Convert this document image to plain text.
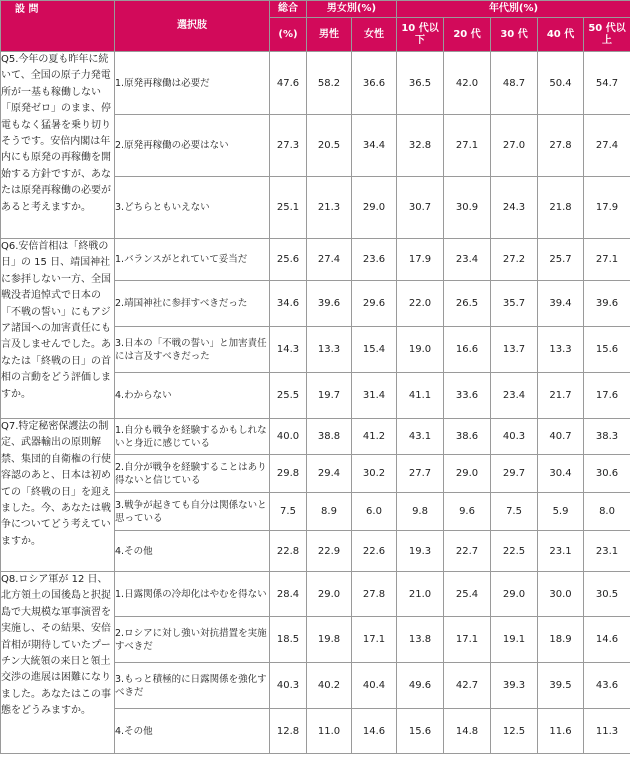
設 問	選択肢	総合	男女別(%)		年代別(%)				
		(%)	男性	女性	10 代以下	20 代	30 代	40 代	50 代以上
Q5.今年の夏も昨年に続いて、全国の原子力発電所が一基も稼働しない「原発ゼロ」のまま、停電もなく猛暑を乗り切りそうです。安倍内閣は年内にも原発の再稼働を開始する方針ですが、あなたは原発再稼働の必要があると考えますか。	1.原発再稼働は必要だ	47.6	58.2	36.6	36.5	42.0	48.7	50.4	54.7
	2.原発再稼働の必要はない	27.3	20.5	34.4	32.8	27.1	27.0	27.8	27.4
	3.どちらともいえない	25.1	21.3	29.0	30.7	30.9	24.3	21.8	17.9
Q6.安倍首相は「終戦の日」の 15 日、靖国神社に参拝しない一方、全国戦没者追悼式で日本の「不戦の誓い」にもアジア諸国への加害責任にも言及しませんでした。あなたは「終戦の日」の首相の言動をどう評価しますか。	1.バランスがとれていて妥当だ	25.6	27.4	23.6	17.9	23.4	27.2	25.7	27.1
	2.靖国神社に参拝すべきだった	34.6	39.6	29.6	22.0	26.5	35.7	39.4	39.6
	3.日本の「不戦の誓い」と加害責任には言及すべきだった	14.3	13.3	15.4	19.0	16.6	13.7	13.3	15.6
	4.わからない	25.5	19.7	31.4	41.1	33.6	23.4	21.7	17.6
Q7.特定秘密保護法の制定、武器輸出の原則解禁、集団的自衛権の行使容認のあと、日本は初めての「終戦の日」を迎えました。今、あなたは戦争についてどう考えていますか。	1.自分も戦争を経験するかもしれないと身近に感じている	40.0	38.8	41.2	43.1	38.6	40.3	40.7	38.3
	2.自分が戦争を経験することはあり得ないと信じている	29.8	29.4	30.2	27.7	29.0	29.7	30.4	30.6
	3.戦争が起きても自分は関係ないと思っている	7.5	8.9	6.0	9.8	9.6	7.5	5.9	8.0
	4.その他	22.8	22.9	22.6	19.3	22.7	22.5	23.1	23.1
Q8.ロシア軍が 12 日、北方領土の国後島と択捉島で大規模な軍事演習を実施し、その結果、安倍首相が期待していたプーチン大統領の来日と領土交渉の進展は困難になりました。あなたはこの事態をどうみますか。	1.日露関係の冷却化はやむを得ない	28.4	29.0	27.8	21.0	25.4	29.0	30.0	30.5
	2.ロシアに対し強い対抗措置を実施すべきだ	18.5	19.8	17.1	13.8	17.1	19.1	18.9	14.6
	3.もっと積極的に日露関係を強化すべきだ	40.3	40.2	40.4	49.6	42.7	39.3	39.5	43.6
	4.その他	12.8	11.0	14.6	15.6	14.8	12.5	11.6	11.3
